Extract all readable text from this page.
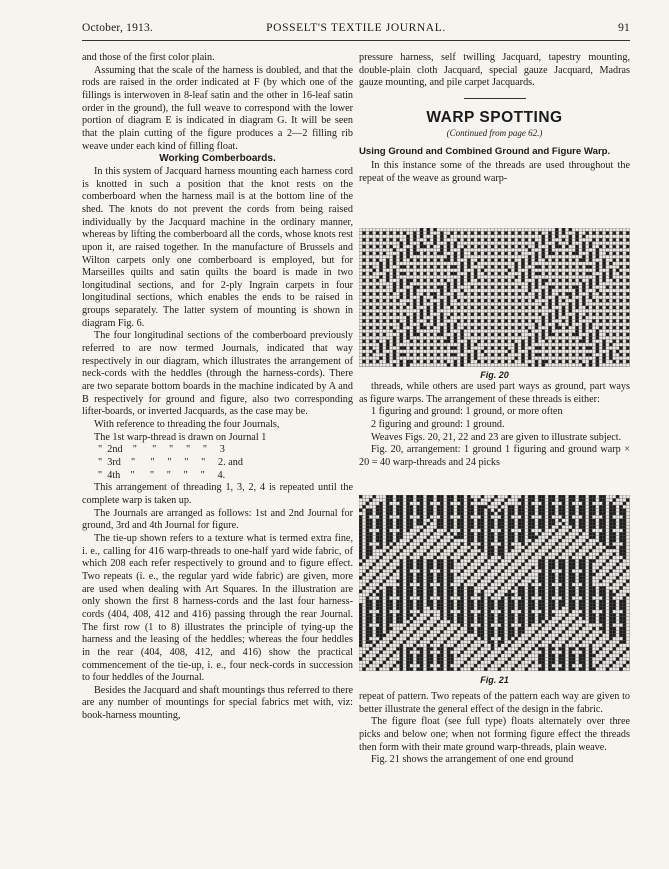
October, 1913.	POSSELT'S TEXTILE JOURNAL.	91

and those of the first color plain.

Assuming that the scale of the harness is doubled, and that the rods are raised in the order indicated at F (by which one of the fillings is interwoven in 8-leaf satin and the other in 16-leaf satin order in the ground), the full weave to correspond with the lower portion of diagram E is indicated in diagram G. It will be seen that the plain cutting of the figure produces a 2—2 filling rib weave under each kind of filling float.

Working Comberboards.

In this system of Jacquard harness mounting each harness cord is knotted in such a position that the knot rests on the comberboard when the harness mail is at the bottom line of the shed. The knots do not prevent the cords from being raised individually by the Jacquard machine in the ordinary manner, whereas by lifting the comberboard all the cords, whose knots rest upon it, are raised together. In the manufacture of Brussels and Wilton carpets only one comberboard is employed, but for Marseilles quilts and satin quilts the board is made in two longitudinal sections, and for 2-ply Ingrain carpets in four longitudinal sections, which enables the ends to be raised in groups separately. The latter system of mounting is shown in diagram Fig. 6.

The four longitudinal sections of the comberboard previously referred to are now termed Journals, indicated that way respectively in our diagram, which illustrates the arrangement of neck-cords with the heddles (through the harness-cords). There are two separate bottom boards in the machine indicated by A and B respectively for ground and figure, also two corresponding lifter-boards, or inverted Jacquards, as the case may be.

With reference to threading the four Journals,

The 1st warp-thread is drawn on Journal 1
"  2nd    "      "     "     "     "     3
"  3rd    "      "     "     "     "     2. and
"  4th    "      "     "     "     "     4.

This arrangement of threading 1, 3, 2, 4 is repeated until the complete warp is taken up.

The Journals are arranged as follows: 1st and 2nd Journal for ground, 3rd and 4th Journal for figure.

The tie-up shown refers to a texture what is termed extra fine, i. e., calling for 416 warp-threads to one-half yard wide fabric, of which 208 each refer respectively to ground and to figure effect. Two repeats (i. e., the regular yard wide fabric) are given, more are used when dealing with Art Squares. In the illustration are only shown the first 8 harness-cords and the last four harness-cords (404, 408, 412 and 416) passing through the rear Journal. The first row (1 to 8) illustrates the principle of tying-up the harness and the leasing of the heddles; whereas the four heddles in the rear (404, 408, 412, and 416) show the practical commencement of the tie-up, i. e., four neck-cords in succession to four heddles of the Journal.

Besides the Jacquard and shaft mountings thus referred to there are any number of mountings for special fabrics met with, viz: book-harness mounting,

pressure harness, self twilling Jacquard, tapestry mounting, double-plain cloth Jacquard, special gauze Jacquard, Madras gauze mounting, and pile carpet Jacquards.

WARP SPOTTING
(Continued from page 62.)

Using Ground and Combined Ground and Figure Warp.

In this instance some of the threads are used throughout the repeat of the weave as ground warp-

Fig. 20

threads, while others are used part ways as ground, part ways as figure warps. The arrangement of these threads is either:

1 figuring and ground: 1 ground, or more often
2 figuring and ground: 1 ground.

Weaves Figs. 20, 21, 22 and 23 are given to illustrate subject.

Fig. 20, arrangement: 1 ground 1 figuring and ground warp × 20 = 40 warp-threads and 24 picks

Fig. 21

repeat of pattern. Two repeats of the pattern each way are given to better illustrate the general effect of the design in the fabric.

The figure float (see full type) floats alternately over three picks and below one; when not forming figure effect the threads then form with their mate ground warp-threads, plain weave.

Fig. 21 shows the arrangement of one end ground
